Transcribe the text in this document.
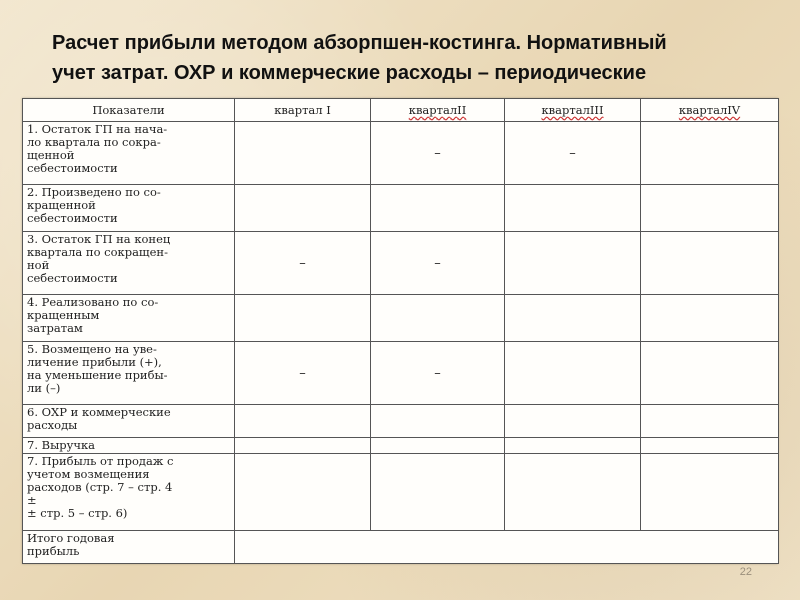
Расчет прибыли методом абзорпшен-костинга. Нормативный
учет затрат. ОХР и коммерческие расходы – периодические
Показатели	квартал I	кварталII	кварталIII	кварталIV
1. Остаток ГП на нача-
ло квартала по сокра-
щенной
себестоимости		–	–	
2. Произведено по со-
кращенной
себестоимости				
3. Остаток ГП на конец
квартала по сокращен-
ной
себестоимости	–	–		
4. Реализовано по со-
кращенным
затратам				
5. Возмещено на уве-
личение прибыли (+),
на уменьшение прибы-
ли (–)	–	–		
6. ОХР и коммерческие
расходы				
7. Выручка				
7. Прибыль от продаж с
учетом возмещения
расходов (стр. 7 – стр. 4
±
± стр. 5 – стр. 6)				
Итого годовая
прибыль				
22
